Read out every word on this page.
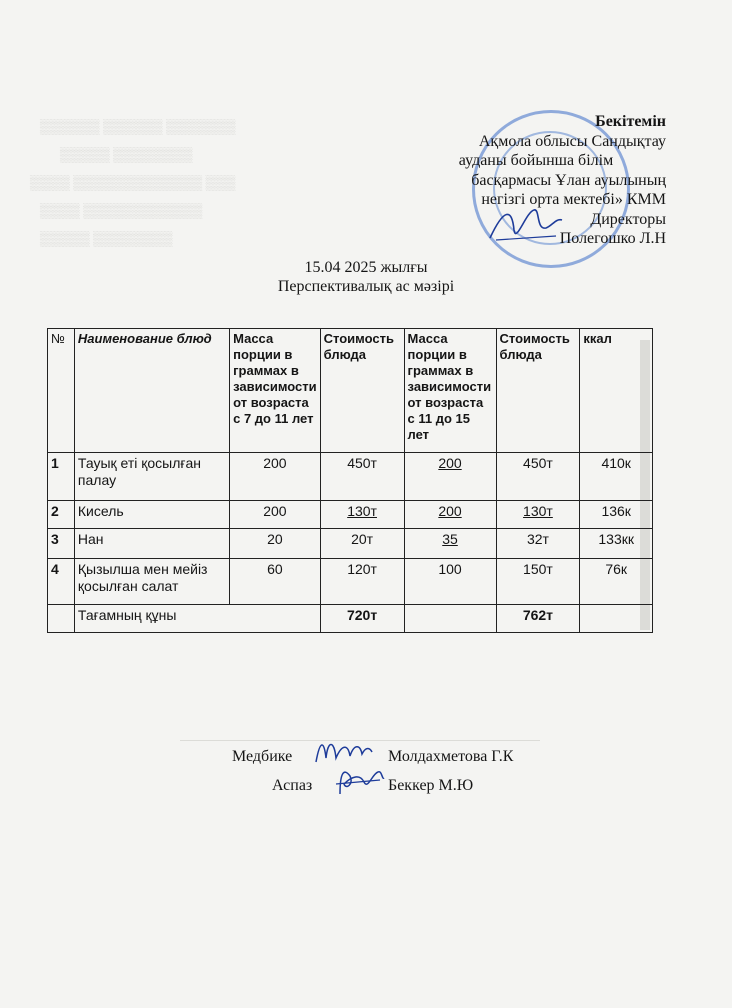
▒▒▒▒▒▒▒ ▒▒▒▒▒▒ ▒▒▒▒▒▒
▒▒▒▒▒▒▒▒ ▒▒▒▒▒
▒▒▒ ▒▒▒▒▒▒▒▒▒▒▒▒▒ ▒▒▒▒
▒▒▒▒▒▒▒▒▒▒▒▒ ▒▒▒▒
▒▒▒▒▒▒▒▒ ▒▒▒▒▒
Бекітемін
Ақмола облысы Сандықтау
ауданы бойынша білім
басқармасы Ұлан ауылының
негізгі орта мектебі» КММ
Директоры
Полегошко Л.Н
15.04 2025 жылғы
Перспективалық ас мәзірі
№	Наименование блюд	Масса порции в граммах в зависимости от возраста с 7 до 11 лет	Стоимость блюда	Масса порции в граммах в зависимости от возраста с 11 до 15 лет	Стоимость блюда	ккал
1	Тауық еті қосылған палау	200	450т	200	450т	410к
2	Кисель	200	130т	200	130т	136к
3	Нан	20	20т	35	32т	133кк
4	Қызылша мен мейіз қосылған салат	60	120т	100	150т	76к
	Тағамның құны		720т		762т	
Медбике	Молдахметова Г.К
Аспаз	Беккер М.Ю
